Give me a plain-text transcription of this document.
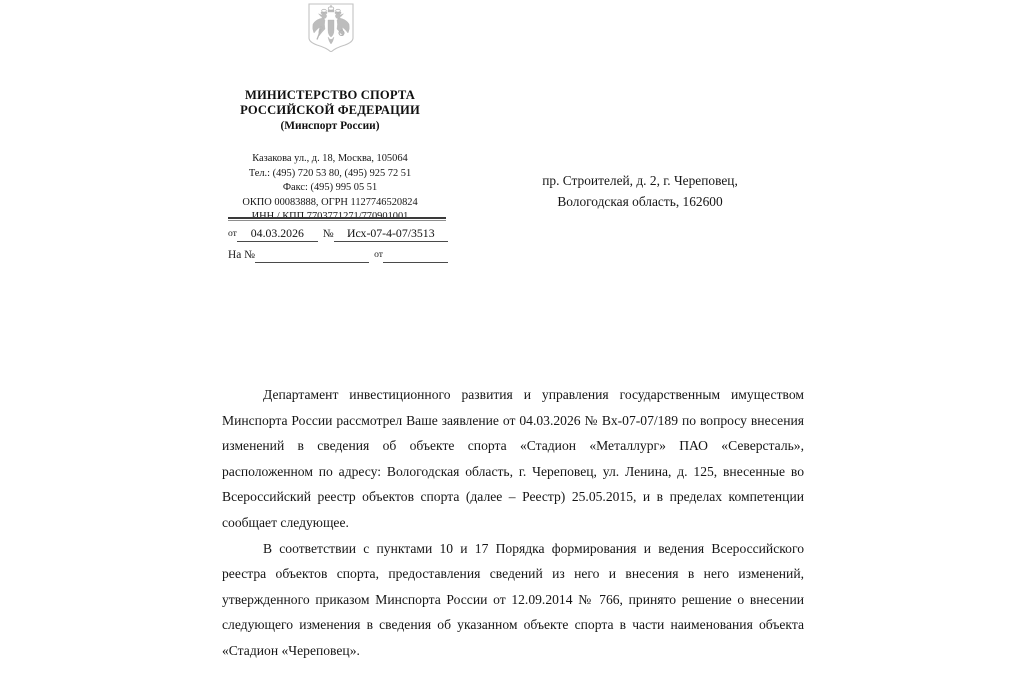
МИНИСТЕРСТВО СПОРТА
РОССИЙСКОЙ ФЕДЕРАЦИИ
(Минспорт России)
Казакова ул., д. 18, Москва, 105064
Тел.: (495) 720 53 80, (495) 925 72 51
Факс: (495) 995 05 51
ОКПО 00083888, ОГРН 1127746520824
от	04.03.2026	№	Исх-07-4-07/3513
На №	от
пр. Строителей, д. 2, г. Череповец,
Вологодская область, 162600

Департамент инвестиционного развития и управления государственным имуществом Минспорта России рассмотрел Ваше заявление от 04.03.2026 № Вх-07-07/189 по вопросу внесения изменений в сведения об объекте спорта «Стадион «Металлург» ПАО «Северсталь», расположенном по адресу: Вологодская область, г. Череповец, ул. Ленина, д. 125, внесенные во Всероссийский реестр объектов спорта (далее – Реестр) 25.05.2015, и в пределах компетенции сообщает следующее.

В соответствии с пунктами 10 и 17 Порядка формирования и ведения Всероссийского реестра объектов спорта, предоставления сведений из него и внесения в него изменений, утвержденного приказом Минспорта России от 12.09.2014 № 766, принято решение о внесении следующего изменения в сведения об указанном объекте спорта в части наименования объекта «Стадион «Череповец».
